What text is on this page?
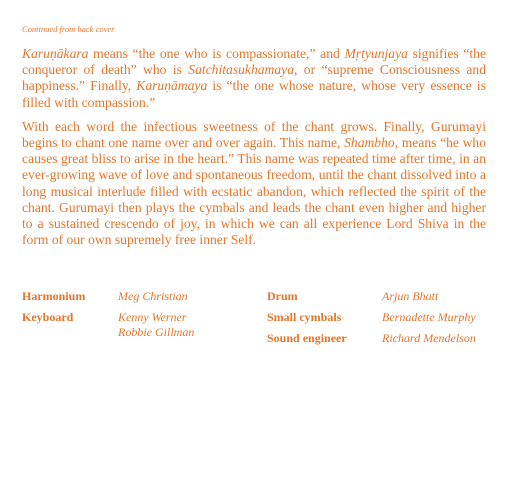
Continued from back cover

Karuṇākara means “the one who is compassionate,” and Mṛtyunjaya signifies “the conqueror of death” who is Satchitasukhamaya, or “supreme Consciousness and happiness.” Finally, Karuṇāmaya is “the one whose nature, whose very essence is filled with compassion.”

With each word the infectious sweetness of the chant grows. Finally, Gurumayi begins to chant one name over and over again. This name, Shambho, means “he who causes great bliss to arise in the heart.” This name was repeated time after time, in an ever-growing wave of love and spontaneous freedom, until the chant dissolved into a long musical interlude filled with ecstatic abandon, which reflected the spirit of the chant. Gurumayi then plays the cymbals and leads the chant even higher and higher to a sustained crescendo of joy, in which we can all experience Lord Shiva in the form of our own supremely free inner Self.

Harmonium	Meg Christian
Keyboard	Kenny Werner
Robbie Gillman
Drum	Arjun Bhatt
Small cymbals	Bernadette Murphy
Sound engineer	Richard Mendelson
